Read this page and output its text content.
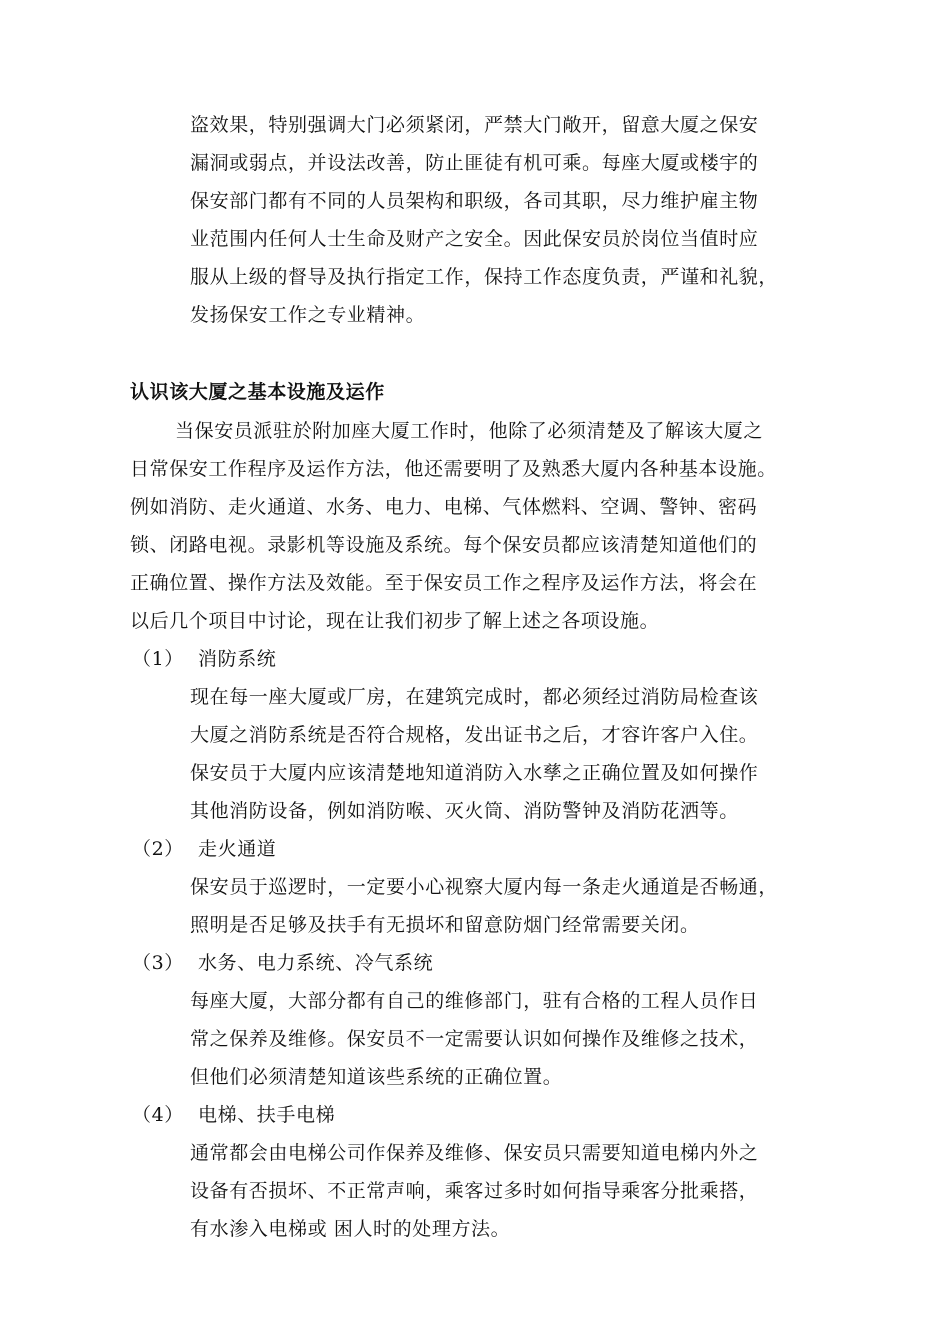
盗效果，特别强调大门必须紧闭，严禁大门敞开，留意大厦之保安
漏洞或弱点，并设法改善，防止匪徒有机可乘。每座大厦或楼宇的
保安部门都有不同的人员架构和职级，各司其职，尽力维护雇主物
业范围内任何人士生命及财产之安全。因此保安员於岗位当值时应
服从上级的督导及执行指定工作，保持工作态度负责，严谨和礼貌，
发扬保安工作之专业精神。
认识该大厦之基本设施及运作
当保安员派驻於附加座大厦工作时，他除了必须清楚及了解该大厦之
日常保安工作程序及运作方法，他还需要明了及熟悉大厦内各种基本设施。
例如消防、走火通道、水务、电力、电梯、气体燃料、空调、警钟、密码
锁、闭路电视。录影机等设施及系统。每个保安员都应该清楚知道他们的
正确位置、操作方法及效能。至于保安员工作之程序及运作方法，将会在
以后几个项目中讨论，现在让我们初步了解上述之各项设施。
（1） 消防系统
现在每一座大厦或厂房，在建筑完成时，都必须经过消防局检查该
大厦之消防系统是否符合规格，发出证书之后，才容许客户入住。
保安员于大厦内应该清楚地知道消防入水孳之正确位置及如何操作
其他消防设备，例如消防喉、灭火筒、消防警钟及消防花洒等。
（2） 走火通道
保安员于巡逻时，一定要小心视察大厦内每一条走火通道是否畅通，
照明是否足够及扶手有无损坏和留意防烟门经常需要关闭。
（3） 水务、电力系统、冷气系统
每座大厦，大部分都有自己的维修部门，驻有合格的工程人员作日
常之保养及维修。保安员不一定需要认识如何操作及维修之技术，
但他们必须清楚知道该些系统的正确位置。
（4） 电梯、扶手电梯
通常都会由电梯公司作保养及维修、保安员只需要知道电梯内外之
设备有否损坏、不正常声响，乘客过多时如何指导乘客分批乘搭，
有水渗入电梯或 困人时的处理方法。
